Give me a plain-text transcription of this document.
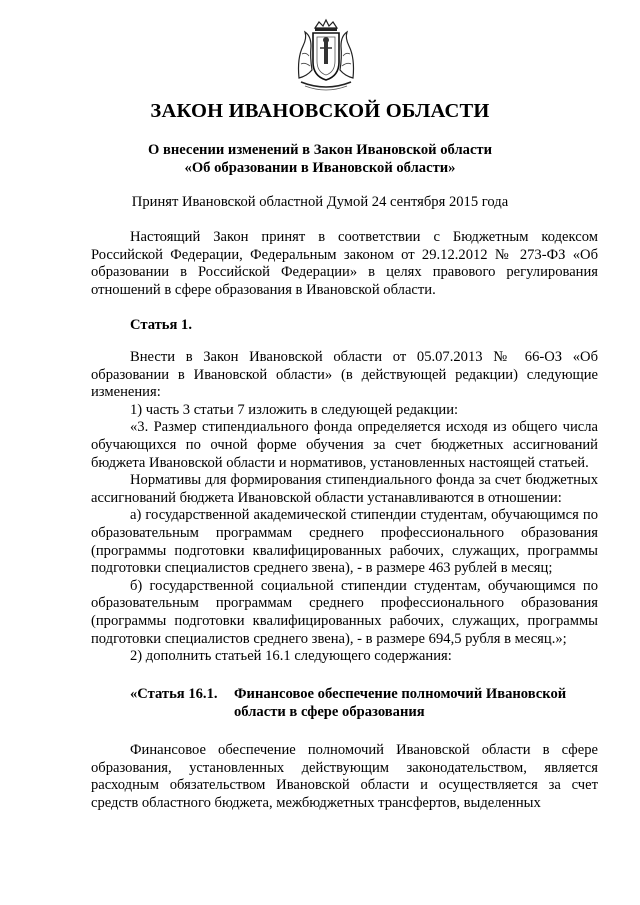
ЗАКОН ИВАНОВСКОЙ ОБЛАСТИ
О внесении изменений в Закон Ивановской области
«Об образовании в Ивановской области»
Принят Ивановской областной Думой 24 сентября 2015 года

Настоящий Закон принят в соответствии с Бюджетным кодексом Российской Федерации, Федеральным законом от 29.12.2012 № 273-ФЗ «Об образовании в Российской Федерации» в целях правового регулирования отношений в сфере образования в Ивановской области.

Статья 1.

Внести в Закон Ивановской области от 05.07.2013 № 66-ОЗ «Об образовании в Ивановской области» (в действующей редакции) следующие изменения:

1) часть 3 статьи 7 изложить в следующей редакции:

«3. Размер стипендиального фонда определяется исходя из общего числа обучающихся по очной форме обучения за счет бюджетных ассигнований бюджета Ивановской области и нормативов, установленных настоящей статьей.

Нормативы для формирования стипендиального фонда за счет бюджетных ассигнований бюджета Ивановской области устанавливаются в отношении:

а) государственной академической стипендии студентам, обучающимся по образовательным программам среднего профессионального образования (программы подготовки квалифицированных рабочих, служащих, программы подготовки специалистов среднего звена), - в размере 463 рублей в месяц;

б) государственной социальной стипендии студентам, обучающимся по образовательным программам среднего профессионального образования (программы подготовки квалифицированных рабочих, служащих, программы подготовки специалистов среднего звена), - в размере 694,5 рубля в месяц.»;

2) дополнить статьей 16.1 следующего содержания:

«Статья 16.1.	Финансовое обеспечение полномочий Ивановской
области в сфере образования

Финансовое обеспечение полномочий Ивановской области в сфере образования, установленных действующим законодательством, является расходным обязательством Ивановской области и осуществляется за счет средств областного бюджета, межбюджетных трансфертов, выделенных
